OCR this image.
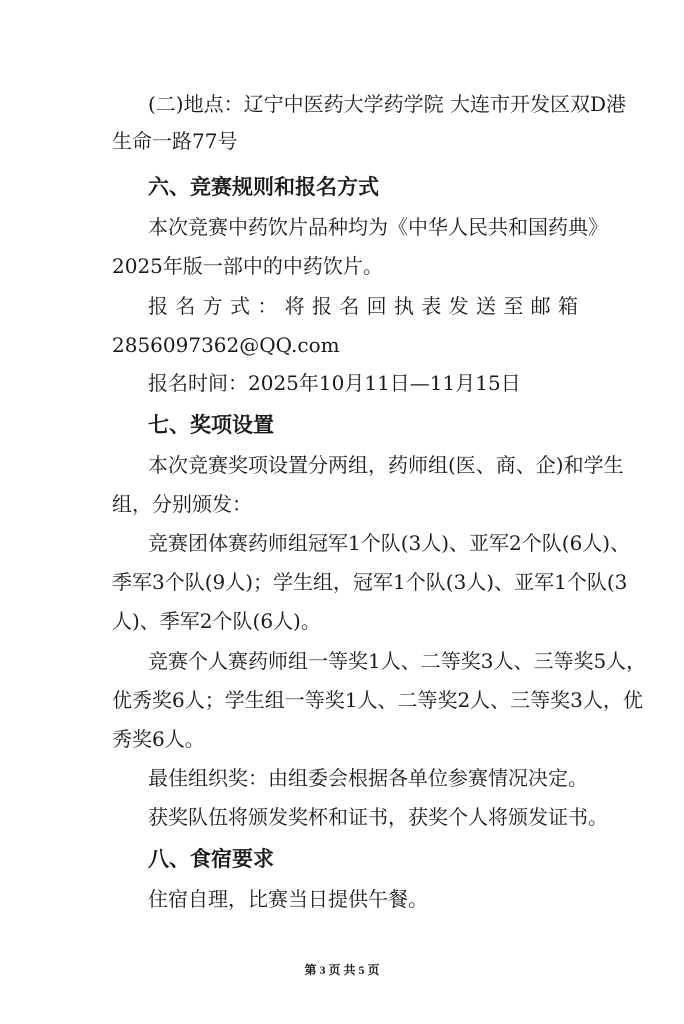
(二)地点：辽宁中医药大学药学院 大连市开发区双D港
生命一路77号
六、竞赛规则和报名方式
本次竞赛中药饮片品种均为《中华人民共和国药典》
2025年版一部中的中药饮片。
报名方式：将报名回执表发送至邮箱
2856097362@QQ.com
报名时间：2025年10月11日—11月15日
七、奖项设置
本次竞赛奖项设置分两组，药师组(医、商、企)和学生
组，分别颁发：
竞赛团体赛药师组冠军1个队(3人)、亚军2个队(6人)、
季军3个队(9人)；学生组，冠军1个队(3人)、亚军1个队(3
人)、季军2个队(6人)。
竞赛个人赛药师组一等奖1人、二等奖3人、三等奖5人，
优秀奖6人；学生组一等奖1人、二等奖2人、三等奖3人，优
秀奖6人。
最佳组织奖：由组委会根据各单位参赛情况决定。
获奖队伍将颁发奖杯和证书，获奖个人将颁发证书。
八、食宿要求
住宿自理，比赛当日提供午餐。
第 3 页 共 5 页
